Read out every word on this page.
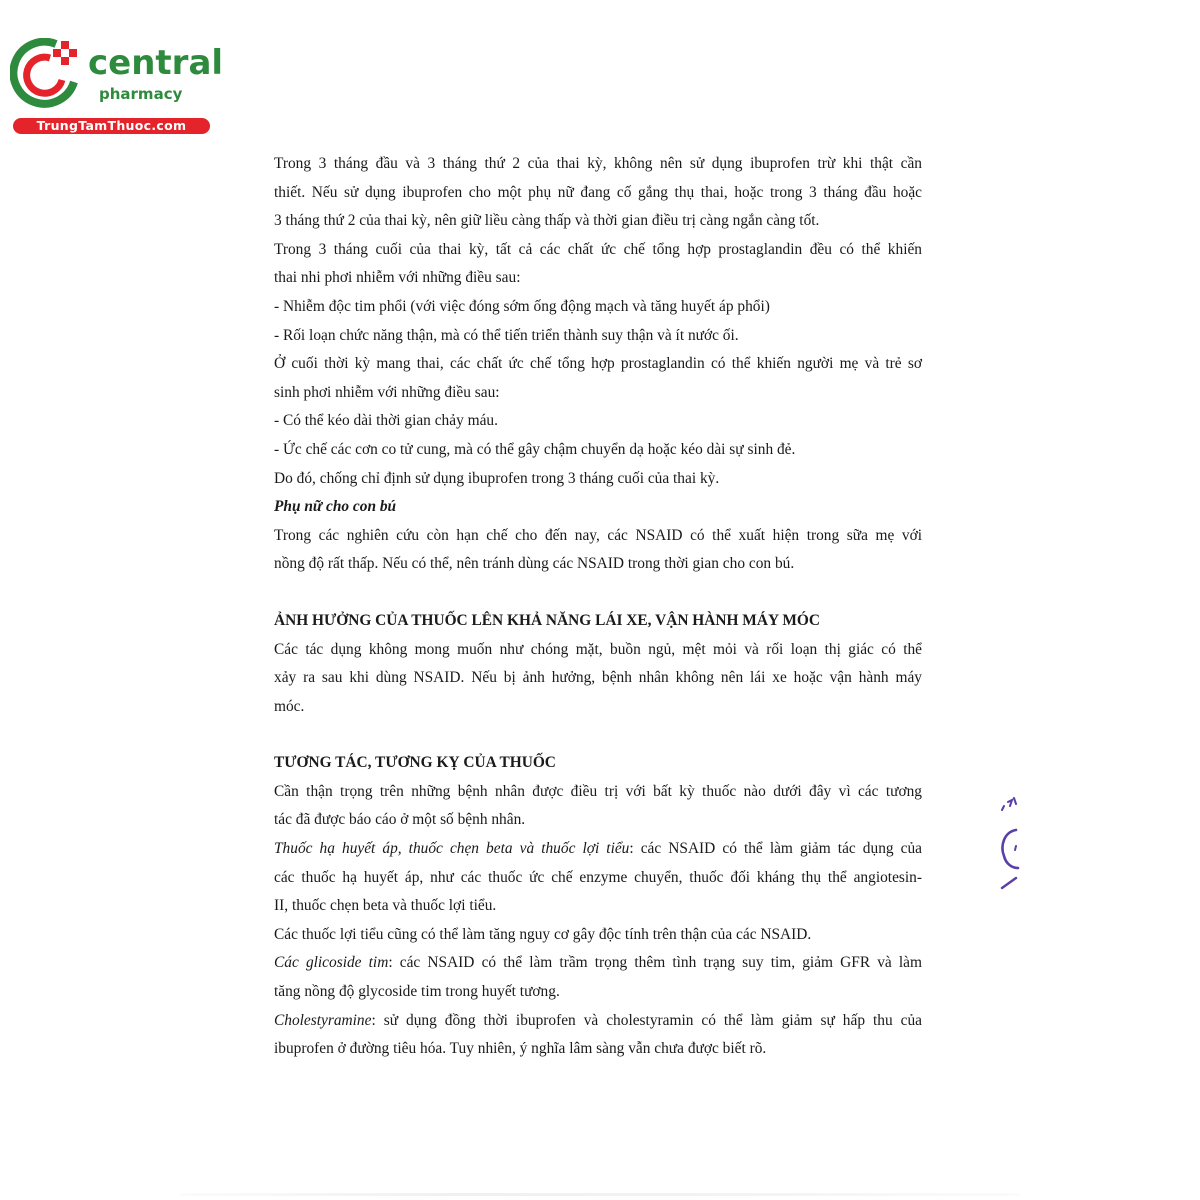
central
pharmacy
TrungTamThuoc.com
Trong 3 tháng đầu và 3 tháng thứ 2 của thai kỳ, không nên sử dụng ibuprofen trừ khi thật cần
thiết. Nếu sử dụng ibuprofen cho một phụ nữ đang cố gắng thụ thai, hoặc trong 3 tháng đầu hoặc
3 tháng thứ 2 của thai kỳ, nên giữ liều càng thấp và thời gian điều trị càng ngắn càng tốt.
Trong 3 tháng cuối của thai kỳ, tất cả các chất ức chế tổng hợp prostaglandin đều có thể khiến
thai nhi phơi nhiễm với những điều sau:
- Nhiễm độc tim phổi (với việc đóng sớm ống động mạch và tăng huyết áp phổi)
- Rối loạn chức năng thận, mà có thể tiến triển thành suy thận và ít nước ối.
Ở cuối thời kỳ mang thai, các chất ức chế tổng hợp prostaglandin có thể khiến người mẹ và trẻ sơ
sinh phơi nhiễm với những điều sau:
- Có thể kéo dài thời gian chảy máu.
- Ức chế các cơn co tử cung, mà có thể gây chậm chuyển dạ hoặc kéo dài sự sinh đẻ.
Do đó, chống chỉ định sử dụng ibuprofen trong 3 tháng cuối của thai kỳ.
Phụ nữ cho con bú
Trong các nghiên cứu còn hạn chế cho đến nay, các NSAID có thể xuất hiện trong sữa mẹ với
nồng độ rất thấp. Nếu có thể, nên tránh dùng các NSAID trong thời gian cho con bú.
ẢNH HƯỞNG CỦA THUỐC LÊN KHẢ NĂNG LÁI XE, VẬN HÀNH MÁY MÓC
Các tác dụng không mong muốn như chóng mặt, buồn ngủ, mệt mỏi và rối loạn thị giác có thể
xảy ra sau khi dùng NSAID. Nếu bị ảnh hưởng, bệnh nhân không nên lái xe hoặc vận hành máy
móc.
TƯƠNG TÁC, TƯƠNG KỴ CỦA THUỐC
Cần thận trọng trên những bệnh nhân được điều trị với bất kỳ thuốc nào dưới đây vì các tương
tác đã được báo cáo ở một số bệnh nhân.
Thuốc hạ huyết áp, thuốc chẹn beta và thuốc lợi tiểu: các NSAID có thể làm giảm tác dụng của
các thuốc hạ huyết áp, như các thuốc ức chế enzyme chuyển, thuốc đối kháng thụ thể angiotesin-
II, thuốc chẹn beta và thuốc lợi tiểu.
Các thuốc lợi tiểu cũng có thể làm tăng nguy cơ gây độc tính trên thận của các NSAID.
Các glicoside tim: các NSAID có thể làm trầm trọng thêm tình trạng suy tim, giảm GFR và làm
tăng nồng độ glycoside tim trong huyết tương.
Cholestyramine: sử dụng đồng thời ibuprofen và cholestyramin có thể làm giảm sự hấp thu của
ibuprofen ở đường tiêu hóa. Tuy nhiên, ý nghĩa lâm sàng vẫn chưa được biết rõ.
